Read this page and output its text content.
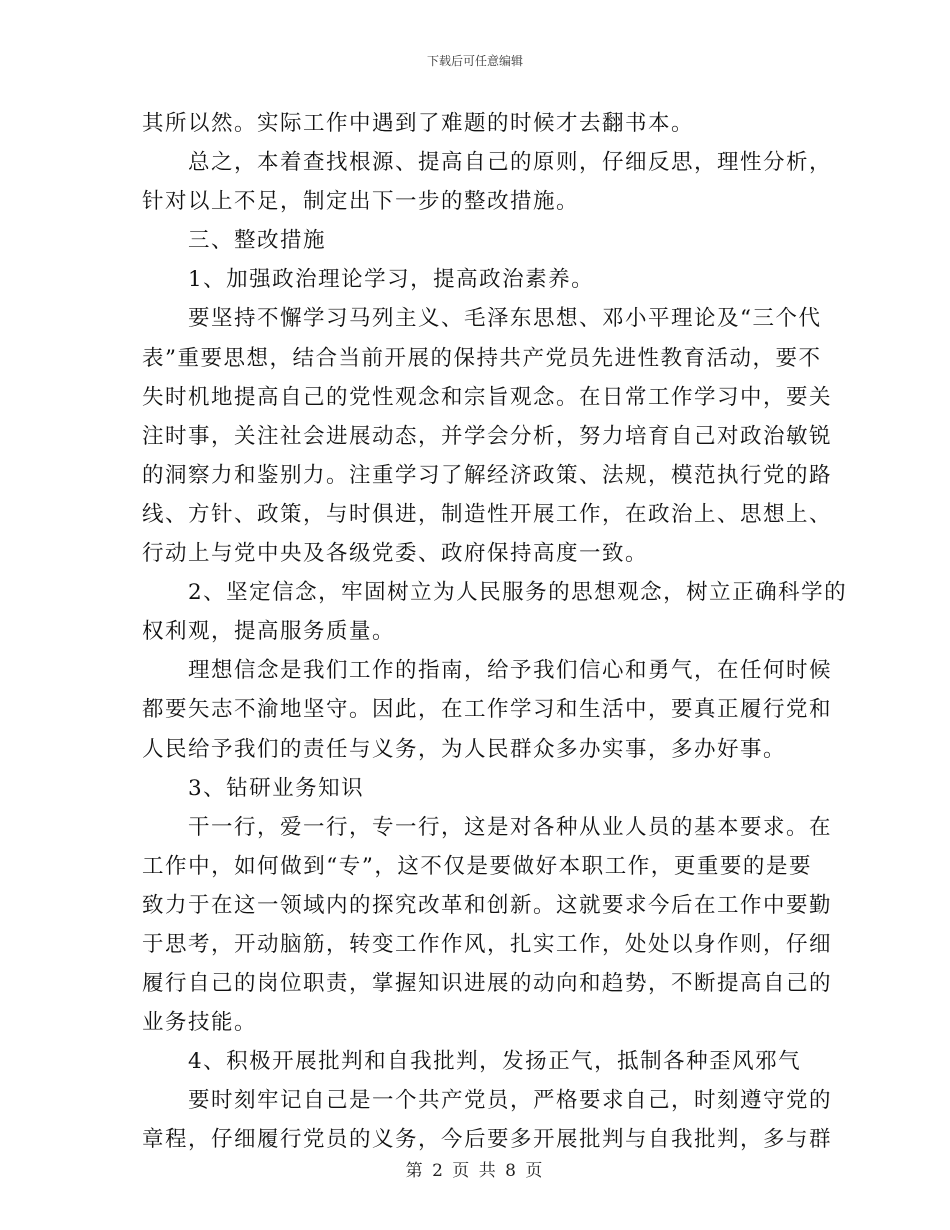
下载后可任意编辑
其所以然。实际工作中遇到了难题的时候才去翻书本。
总之，本着查找根源、提高自己的原则，仔细反思，理性分析，
针对以上不足，制定出下一步的整改措施。
三、整改措施
1、加强政治理论学习，提高政治素养。
要坚持不懈学习马列主义、毛泽东思想、邓小平理论及“三个代
表”重要思想，结合当前开展的保持共产党员先进性教育活动，要不
失时机地提高自己的党性观念和宗旨观念。在日常工作学习中，要关
注时事，关注社会进展动态，并学会分析，努力培育自己对政治敏锐
的洞察力和鉴别力。注重学习了解经济政策、法规，模范执行党的路
线、方针、政策，与时俱进，制造性开展工作，在政治上、思想上、
行动上与党中央及各级党委、政府保持高度一致。
2、坚定信念，牢固树立为人民服务的思想观念，树立正确科学的
权利观，提高服务质量。
理想信念是我们工作的指南，给予我们信心和勇气，在任何时候
都要矢志不渝地坚守。因此，在工作学习和生活中，要真正履行党和
人民给予我们的责任与义务，为人民群众多办实事，多办好事。
3、钻研业务知识
干一行，爱一行，专一行，这是对各种从业人员的基本要求。在
工作中，如何做到“专”，这不仅是要做好本职工作，更重要的是要
致力于在这一领域内的探究改革和创新。这就要求今后在工作中要勤
于思考，开动脑筋，转变工作作风，扎实工作，处处以身作则，仔细
履行自己的岗位职责，掌握知识进展的动向和趋势，不断提高自己的
业务技能。
4、积极开展批判和自我批判，发扬正气，抵制各种歪风邪气
要时刻牢记自己是一个共产党员，严格要求自己，时刻遵守党的
章程，仔细履行党员的义务，今后要多开展批判与自我批判，多与群
第 2 页 共 8 页
